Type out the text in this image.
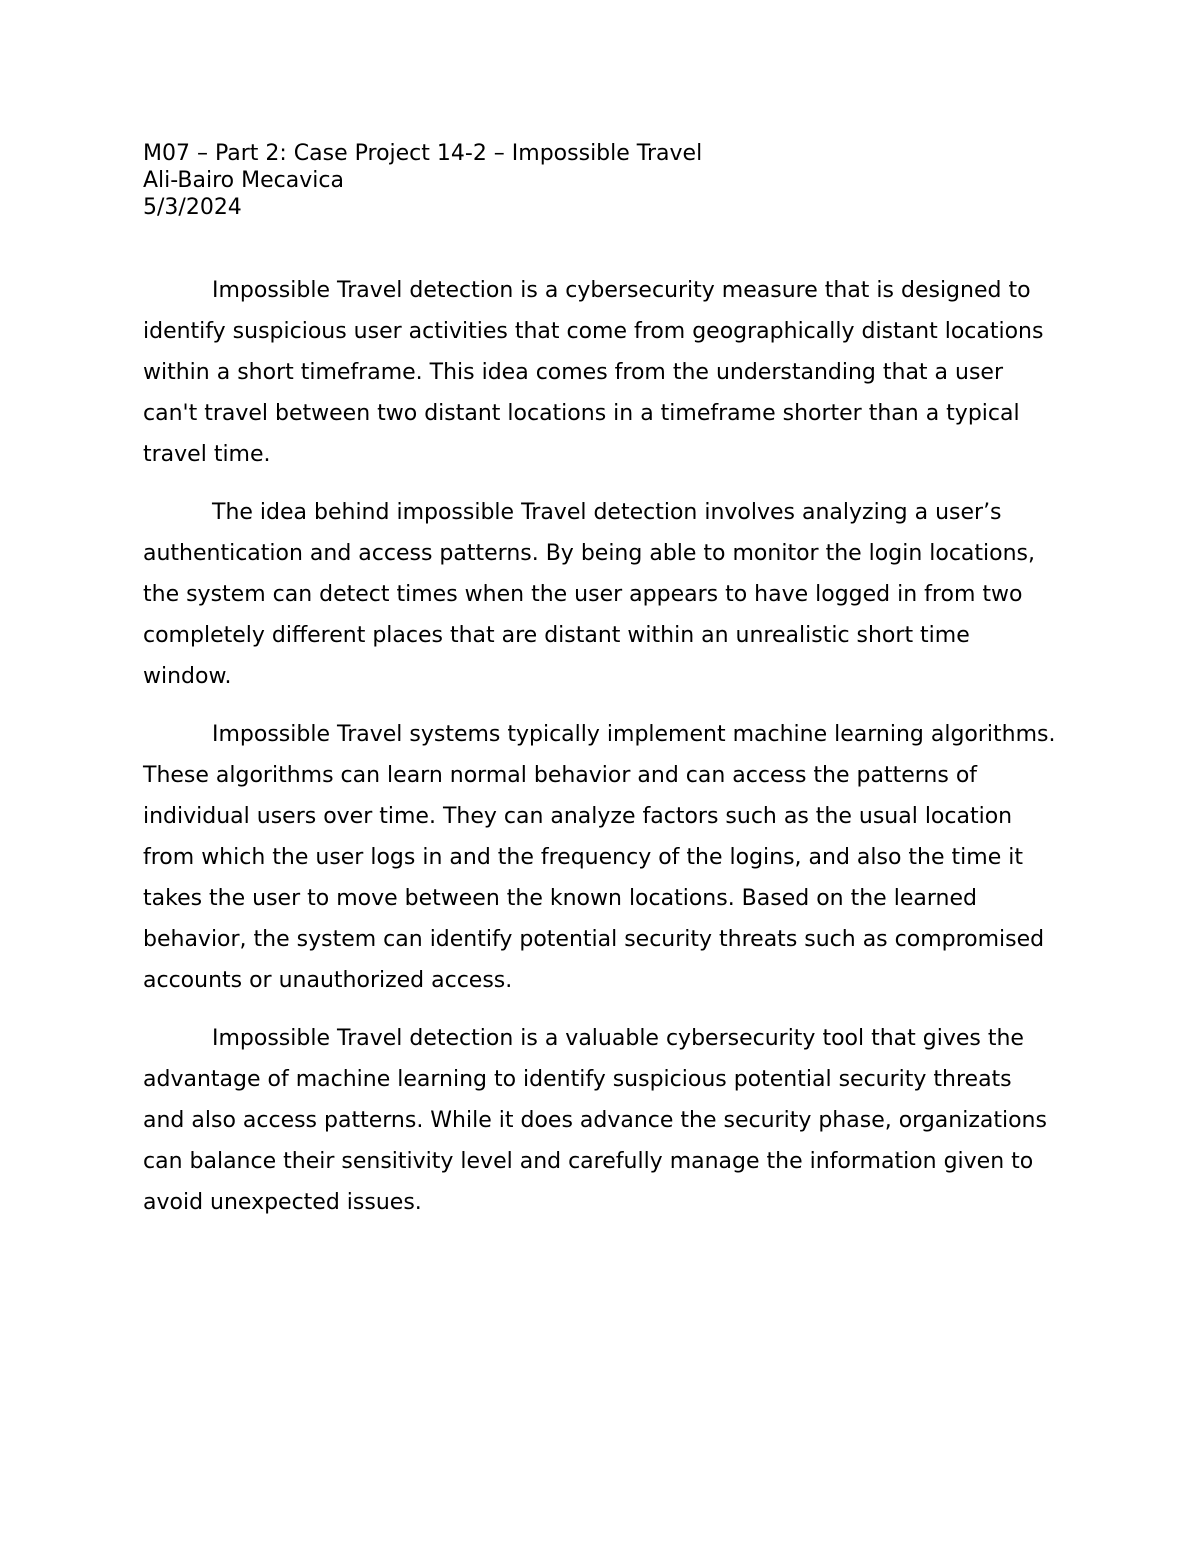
M07 – Part 2: Case Project 14-2 – Impossible Travel

Ali-Bairo Mecavica

5/3/2024

Impossible Travel detection is a cybersecurity measure that is designed to identify suspicious user activities that come from geographically distant locations within a short timeframe. This idea comes from the understanding that a user can't travel between two distant locations in a timeframe shorter than a typical travel time.

The idea behind impossible Travel detection involves analyzing a user’s authentication and access patterns. By being able to monitor the login locations, the system can detect times when the user appears to have logged in from two completely different places that are distant within an unrealistic short time window.

Impossible Travel systems typically implement machine learning algorithms. These algorithms can learn normal behavior and can access the patterns of individual users over time. They can analyze factors such as the usual location from which the user logs in and the frequency of the logins, and also the time it takes the user to move between the known locations. Based on the learned behavior, the system can identify potential security threats such as compromised accounts or unauthorized access.

Impossible Travel detection is a valuable cybersecurity tool that gives the advantage of machine learning to identify suspicious potential security threats and also access patterns. While it does advance the security phase, organizations can balance their sensitivity level and carefully manage the information given to avoid unexpected issues.
